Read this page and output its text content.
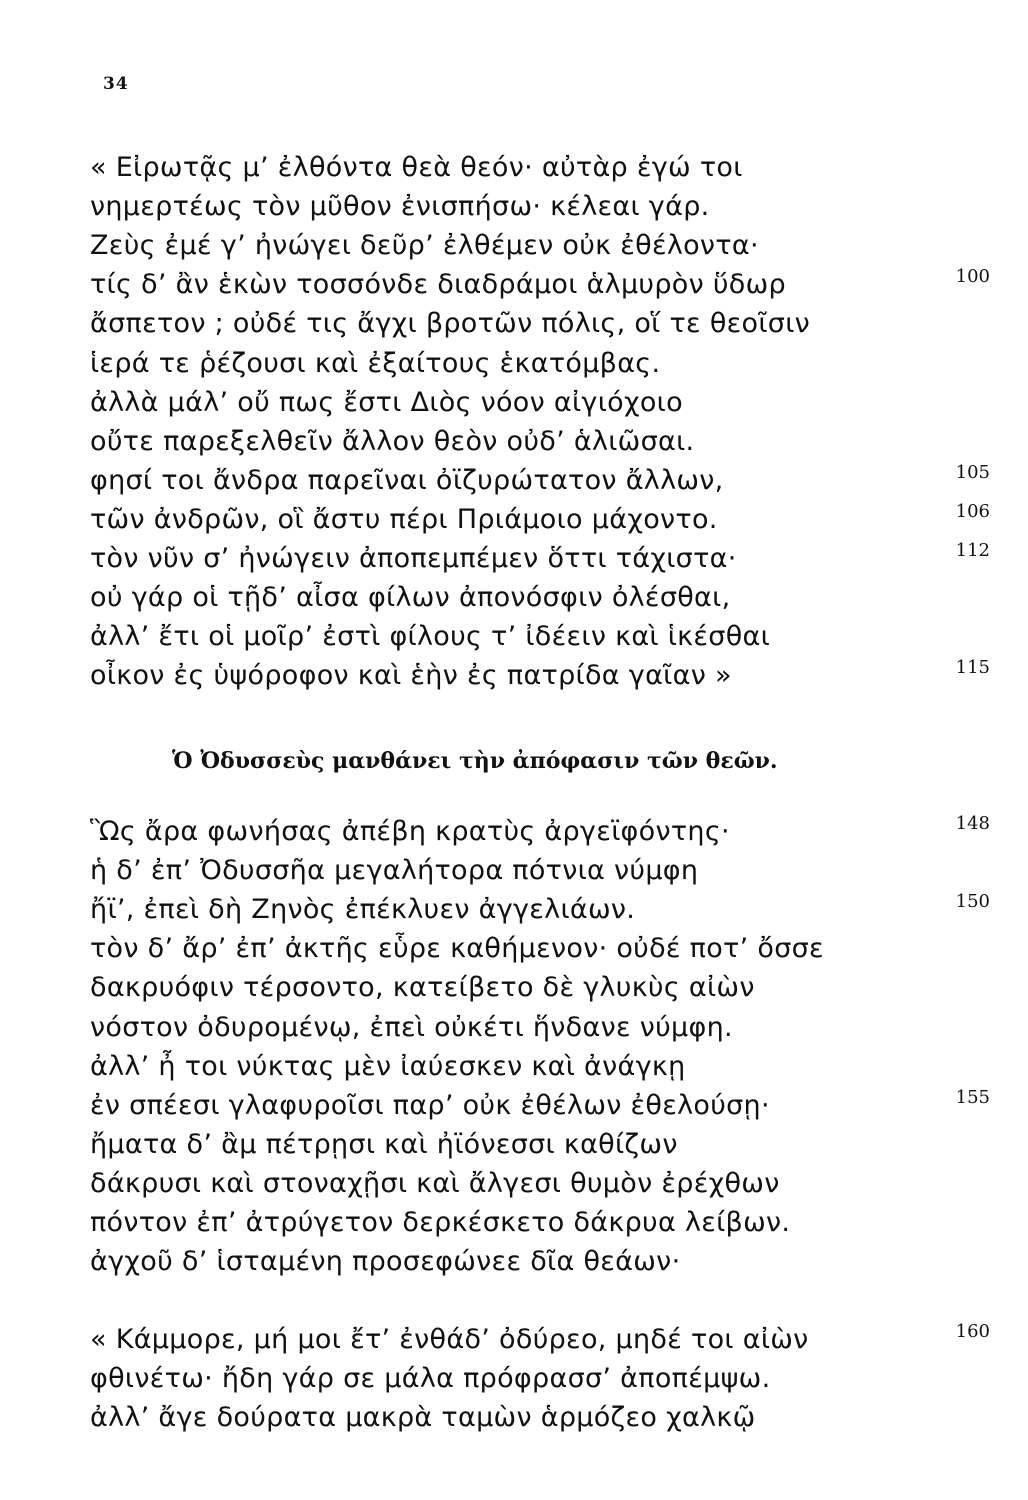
34
« Εἰρωτᾷς μ’ ἐλθόντα θεὰ θεόν· αὐτὰρ ἐγώ τοι
νημερτέως τὸν μῦθον ἐνισπήσω· κέλεαι γάρ.
Ζεὺς ἐμέ γ’ ἠνώγει δεῦρ’ ἐλθέμεν οὐκ ἐθέλοντα·
τίς δ’ ἂν ἑκὼν τοσσόνδε διαδράμοι ἁλμυρὸν ὕδωρ	100
ἄσπετον ; οὐδέ τις ἄγχι βροτῶν πόλις, οἵ τε θεοῖσιν
ἱερά τε ῥέζουσι καὶ ἐξαίτους ἑκατόμβας.
ἀλλὰ μάλ’ οὔ πως ἔστι Διὸς νόον αἰγιόχοιο
οὔτε παρεξελθεῖν ἄλλον θεὸν οὐδ’ ἁλιῶσαι.
φησί τοι ἄνδρα παρεῖναι ὀϊζυρώτατον ἄλλων,	105
τῶν ἀνδρῶν, οἳ ἄστυ πέρι Πριάμοιο μάχοντο.	106
τὸν νῦν σ’ ἠνώγειν ἀποπεμπέμεν ὅττι τάχιστα·	112
οὐ γάρ οἱ τῇδ’ αἶσα φίλων ἀπονόσφιν ὀλέσθαι,
ἀλλ’ ἔτι οἱ μοῖρ’ ἐστὶ φίλους τ’ ἰδέειν καὶ ἱκέσθαι
οἶκον ἐς ὑψόροφον καὶ ἑὴν ἐς πατρίδα γαῖαν »	115
Ὁ Ὀδυσσεὺς μανθάνει τὴν ἀπόφασιν τῶν θεῶν.
Ὣς ἄρα φωνήσας ἀπέβη κρατὺς ἀργεϊφόντης·	148
ἡ δ’ ἐπ’ Ὀδυσσῆα μεγαλήτορα πότνια νύμφη
ἤϊ’, ἐπεὶ δὴ Ζηνὸς ἐπέκλυεν ἀγγελιάων.	150
τὸν δ’ ἄρ’ ἐπ’ ἀκτῆς εὗρε καθήμενον· οὐδέ ποτ’ ὄσσε
δακρυόφιν τέρσοντο, κατείβετο δὲ γλυκὺς αἰὼν
νόστον ὀδυρομένῳ, ἐπεὶ οὐκέτι ἥνδανε νύμφη.
ἀλλ’ ἦ τοι νύκτας μὲν ἰαύεσκεν καὶ ἀνάγκῃ
ἐν σπέεσι γλαφυροῖσι παρ’ οὐκ ἐθέλων ἐθελούσῃ·	155
ἤματα δ’ ἂμ πέτρῃσι καὶ ἠϊόνεσσι καθίζων
δάκρυσι καὶ στοναχῇσι καὶ ἄλγεσι θυμὸν ἐρέχθων
πόντον ἐπ’ ἀτρύγετον δερκέσκετο δάκρυα λείβων.
ἀγχοῦ δ’ ἱσταμένη προσεφώνεε δῖα θεάων·
« Κάμμορε, μή μοι ἔτ’ ἐνθάδ’ ὀδύρεο, μηδέ τοι αἰὼν	160
φθινέτω· ἤδη γάρ σε μάλα πρόφρασσ’ ἀποπέμψω.
ἀλλ’ ἄγε δούρατα μακρὰ ταμὼν ἁρμόζεο χαλκῷ
